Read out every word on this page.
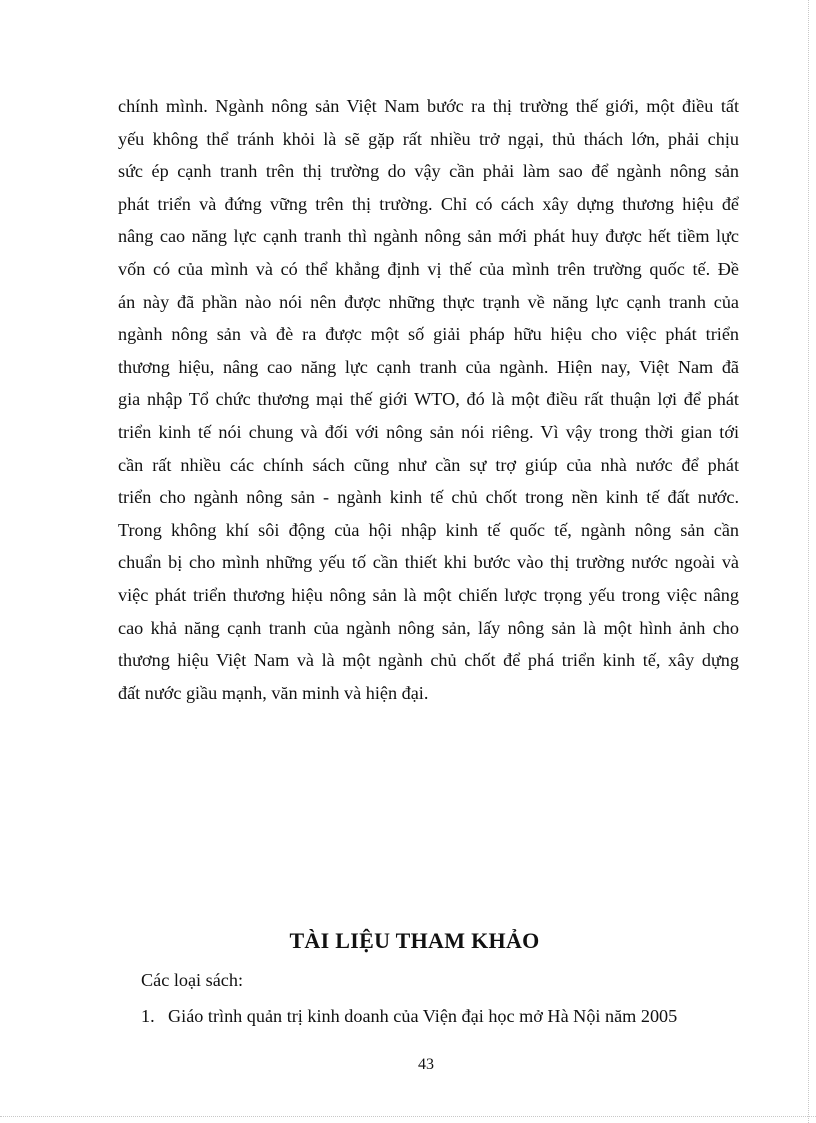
chính mình. Ngành nông sản Việt Nam bước ra thị trường thế giới, một điều tất
yếu không thể tránh khỏi là sẽ gặp rất nhiều trở ngại, thủ thách lớn, phải chịu
sức ép cạnh tranh trên thị trường do vậy cần phải làm sao để ngành nông sản
phát triển và đứng vững trên thị trường. Chỉ có cách xây dựng thương hiệu để
nâng cao năng lực cạnh tranh thì ngành nông sản mới phát huy được hết tiềm lực
vốn có của mình và có thể khẳng định vị thế của mình trên trường quốc tế. Đề
án này đã phần nào nói nên được những thực trạnh về năng lực cạnh tranh của
ngành nông sản và đè ra được một số giải pháp hữu hiệu cho việc phát triển
thương hiệu, nâng cao năng lực cạnh tranh của ngành. Hiện nay, Việt Nam đã
gia nhập Tổ chức thương mại thế giới WTO, đó là một điều rất thuận lợi để phát
triển kinh tế nói chung và đối với nông sản nói riêng. Vì vậy trong thời gian tới
cần rất nhiều các chính sách cũng như cần sự trợ giúp của nhà nước để phát
triển cho ngành nông sản - ngành kinh tế chủ chốt trong nền kinh tế đất nước.
Trong không khí sôi động của hội nhập kinh tế quốc tế, ngành nông sản cần
chuẩn bị cho mình những yếu tố cần thiết khi bước vào thị trường nước ngoài và
việc phát triển thương hiệu nông sản là một chiến lược trọng yếu trong việc nâng
cao khả năng cạnh tranh của ngành nông sản, lấy nông sản là một hình ảnh cho
thương hiệu Việt Nam và là một ngành chủ chốt để phá triển kinh tế, xây dựng
đất nước giầu mạnh, văn minh và hiện đại.
TÀI LIỆU THAM KHẢO

Các loại sách:

1. Giáo trình quản trị kinh doanh của Viện đại học mở Hà Nội năm 2005

43
